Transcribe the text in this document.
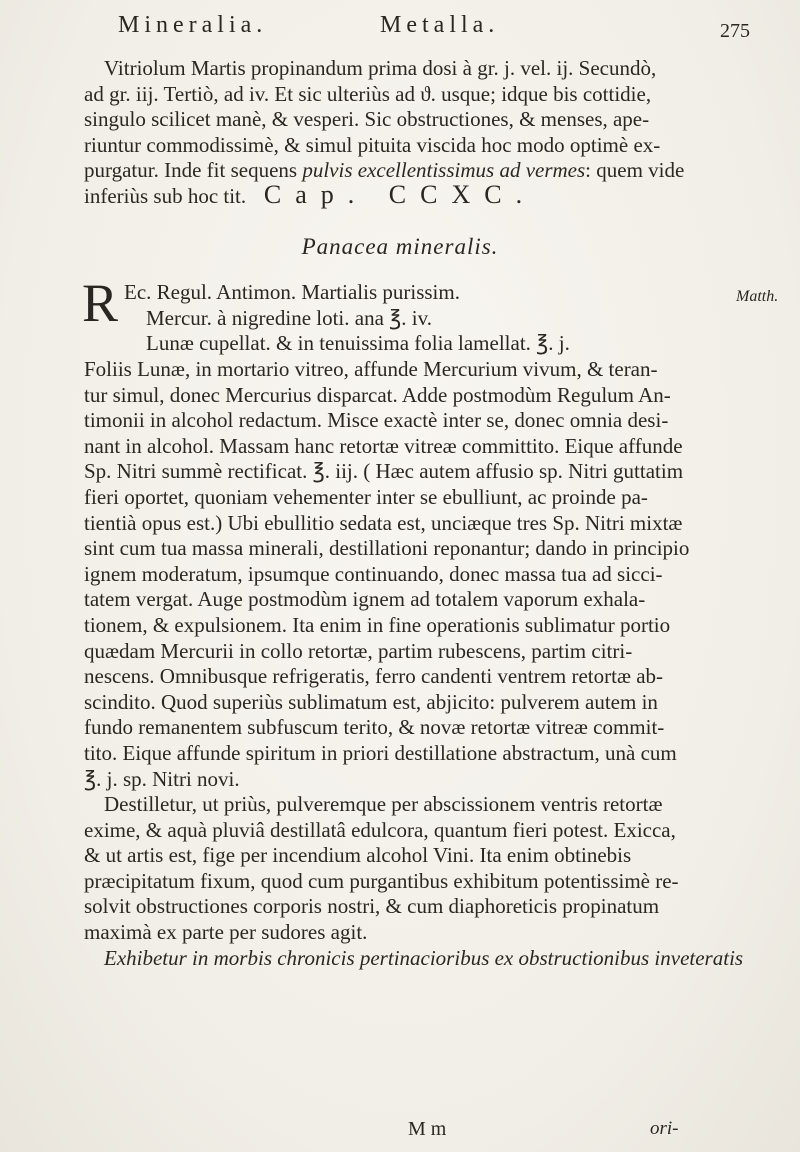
Mineralia.	Metalla.	275
Vitriolum Martis propinandum prima dosi à gr. j. vel. ij. Secundò,
ad gr. iij. Tertiò, ad iv. Et sic ulteriùs ad ϑ. usque; idque bis cottidie,
singulo scilicet manè, & vesperi. Sic obstructiones, & menses, ape-
riuntur commodissimè, & simul pituita viscida hoc modo optimè ex-
purgatur. Inde fit sequens pulvis excellentissimus ad vermes: quem vide
inferiùs sub hoc tit. Cap. CCXC.
Panacea mineralis.
R Ec. Regul. Antimon. Martialis purissim.
Mercur. à nigredine loti. ana ℥. iv.
Lunæ cupellat. & in tenuissima folia lamellat. ℥. j.
Matth.
Foliis Lunæ, in mortario vitreo, affunde Mercurium vivum, & teran-
tur simul, donec Mercurius disparcat. Adde postmodùm Regulum An-
timonii in alcohol redactum. Misce exactè inter se, donec omnia desi-
nant in alcohol. Massam hanc retortæ vitreæ committito. Eique affunde
Sp. Nitri summè rectificat. ℥. iij. ( Hæc autem affusio sp. Nitri guttatim
fieri oportet, quoniam vehementer inter se ebulliunt, ac proinde pa-
tientià opus est.) Ubi ebullitio sedata est, unciæque tres Sp. Nitri mixtæ
sint cum tua massa minerali, destillationi reponantur; dando in principio
ignem moderatum, ipsumque continuando, donec massa tua ad sicci-
tatem vergat. Auge postmodùm ignem ad totalem vaporum exhala-
tionem, & expulsionem. Ita enim in fine operationis sublimatur portio
quædam Mercurii in collo retortæ, partim rubescens, partim citri-
nescens. Omnibusque refrigeratis, ferro candenti ventrem retortæ ab-
scindito. Quod superiùs sublimatum est, abjicito: pulverem autem in
fundo remanentem subfuscum terito, & novæ retortæ vitreæ commit-
tito. Eique affunde spiritum in priori destillatione abstractum, unà cum
℥. j. sp. Nitri novi.
Destilletur, ut priùs, pulveremque per abscissionem ventris retortæ
exime, & aquà pluviâ destillatâ edulcora, quantum fieri potest. Exicca,
& ut artis est, fige per incendium alcohol Vini. Ita enim obtinebis
præcipitatum fixum, quod cum purgantibus exhibitum potentissimè re-
solvit obstructiones corporis nostri, & cum diaphoreticis propinatum
maximà ex parte per sudores agit.
Exhibetur in morbis chronicis pertinacioribus ex obstructionibus inveteratis
M m	ori-
